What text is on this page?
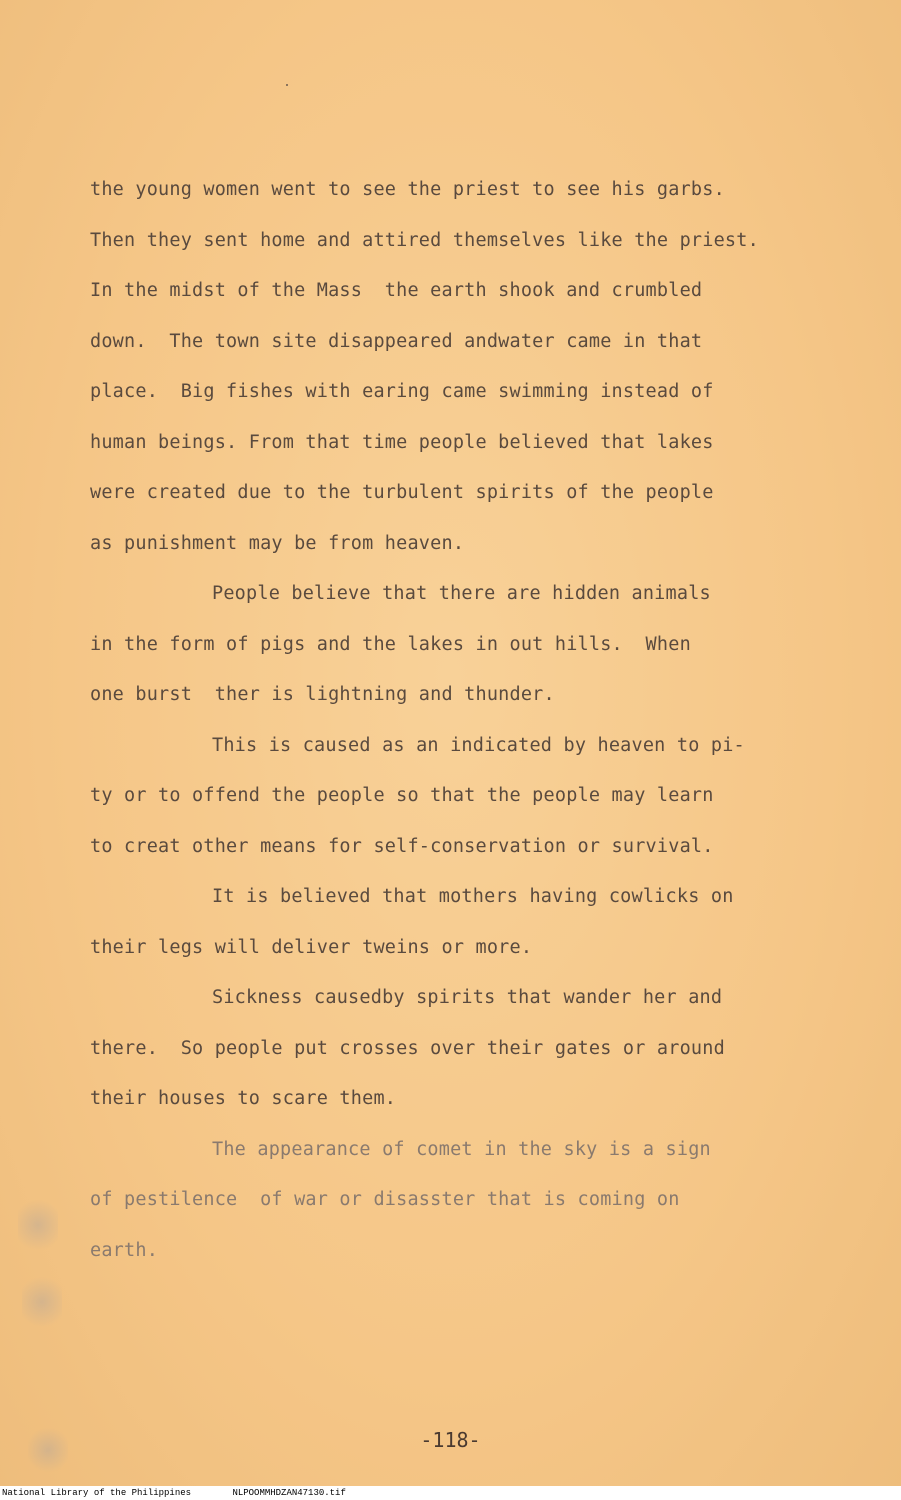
the young women went to see the priest to see his garbs.
Then they sent home and attired themselves like the priest.
In the midst of the Mass  the earth shook and crumbled
down.  The town site disappeared andwater came in that
place.  Big fishes with earing came swimming instead of
human beings. From that time people believed that lakes
were created due to the turbulent spirits of the people
as punishment may be from heaven.
People believe that there are hidden animals
in the form of pigs and the lakes in out hills.  When
one burst  ther is lightning and thunder.
This is caused as an indicated by heaven to pi-
ty or to offend the people so that the people may learn
to creat other means for self-conservation or survival.
It is believed that mothers having cowlicks on
their legs will deliver tweins or more.
Sickness causedby spirits that wander her and
there.  So people put crosses over their gates or around
their houses to scare them.
The appearance of comet in the sky is a sign
of pestilence  of war or disasster that is coming on
earth.
-118-
National Library of the Philippines	NLPOOMMHDZAN47130.tif
